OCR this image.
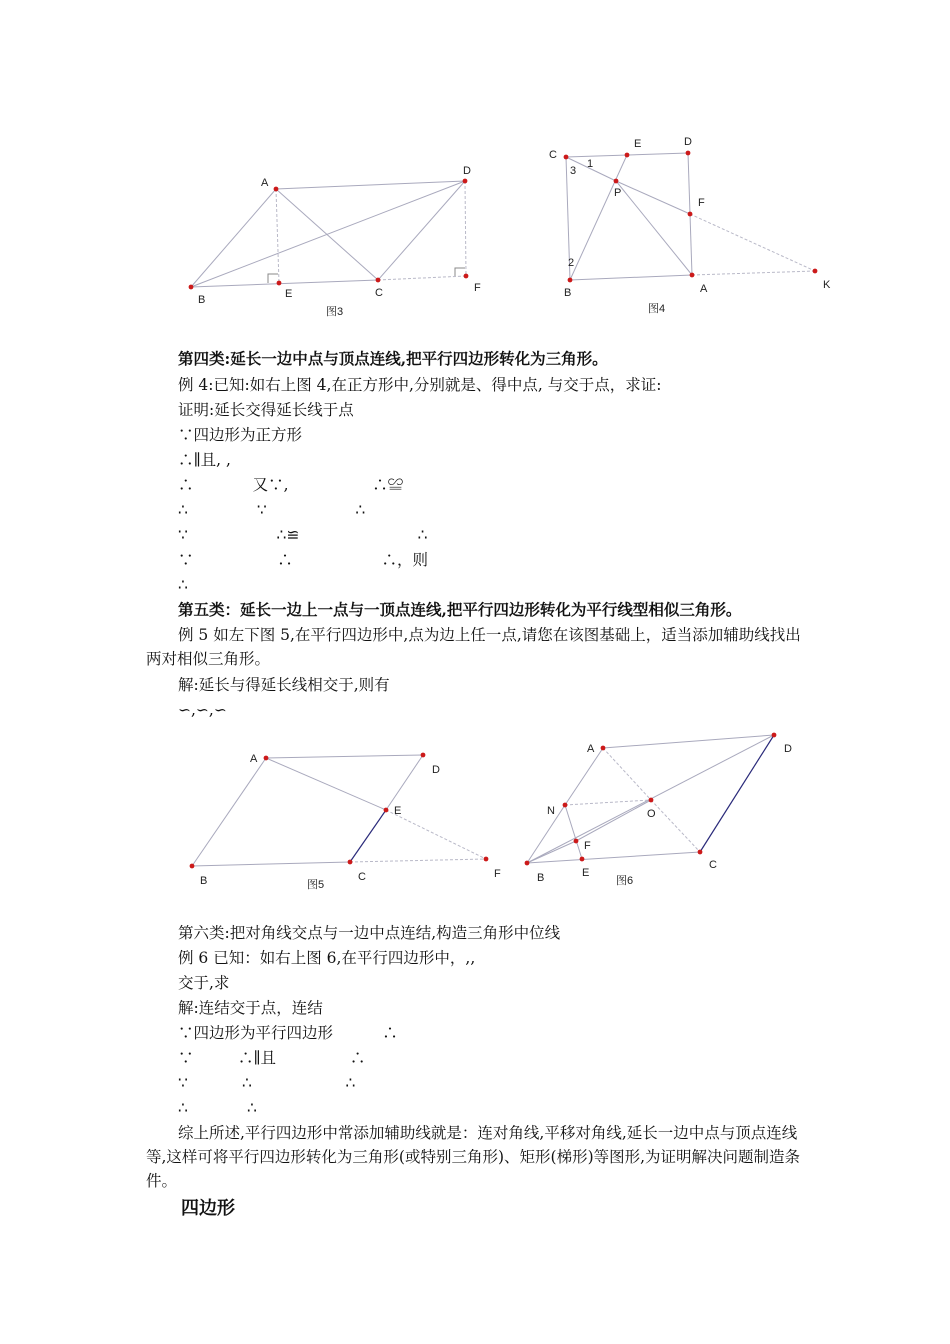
A
D
B	E	C	F
图3
C
1
3
E	D
P
F
2
B	A	K
图4
第四类:延长一边中点与顶点连线,把平行四边形转化为三角形。
例 4:已知:如右上图 4,在正方形中,分别就是、得中点, 与交于点，求证:
证明:延长交得延长线于点
∵四边形为正方形
∴∥且, ,
∴            又∵,                 ∴≌
∴              ∵                  ∴
∵                  ∴≌                        ∴
∵                 ∴                  ∴，则
∴
第五类：延长一边上一点与一顶点连线,把平行四边形转化为平行线型相似三角形。
例 5 如左下图 5,在平行四边形中,点为边上任一点,请您在该图基础上，适当添加辅助线找出两对相似三角形。
解:延长与得延长线相交于,则有
∽,∽,∽
A
D
E
B	C	F
图5
A	D
N	O
F
B	E
C
图6
第六类:把对角线交点与一边中点连结,构造三角形中位线
例 6 已知：如右上图 6,在平行四边形中，,,
交于,求
解:连结交于点，连结
∵四边形为平行四边形          ∴
∵         ∴∥且               ∴
∵           ∴                   ∴
∴            ∴
综上所述,平行四边形中常添加辅助线就是：连对角线,平移对角线,延长一边中点与顶点连线等,这样可将平行四边形转化为三角形(或特别三角形)、矩形(梯形)等图形,为证明解决问题制造条件。
四边形
